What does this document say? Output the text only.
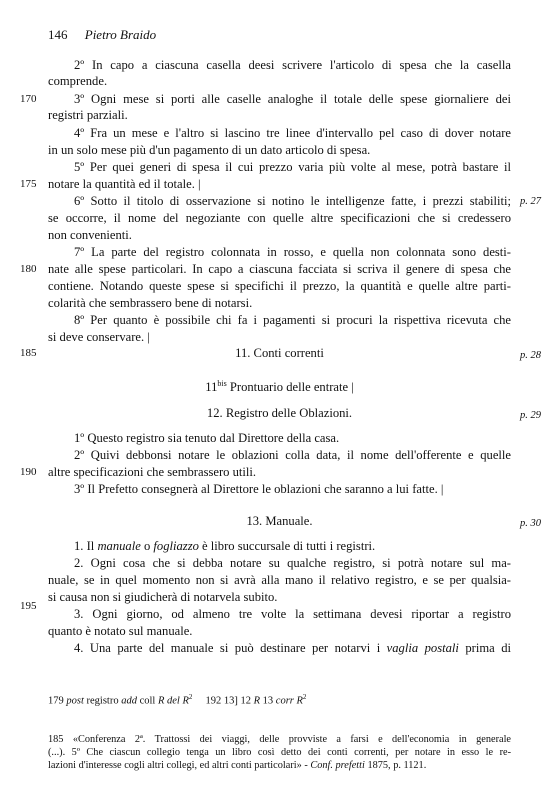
146 Pietro Braido
2º In capo a ciascuna casella deesi scrivere l'articolo di spesa che la casella
comprende.
3º Ogni mese si porti alle caselle analoghe il totale delle spese giornaliere dei
registri parziali.
4º Fra un mese e l'altro si lascino tre linee d'intervallo pel caso di dover notare
in un solo mese più d'un pagamento di un dato articolo di spesa.
5º Per quei generi di spesa il cui prezzo varia più volte al mese, potrà bastare il
notare la quantità ed il totale. |
6º Sotto il titolo di osservazione si notino le intelligenze fatte, i prezzi stabiliti;
se occorre, il nome del negoziante con quelle altre specificazioni che si credessero
non convenienti.
7º La parte del registro colonnata in rosso, e quella non colonnata sono desti-
nate alle spese particolari. In capo a ciascuna facciata si scriva il genere di spesa che
contiene. Notando queste spese si specifichi il prezzo, la quantità e quelle altre parti-
colarità che sembrassero bene di notarsi.
8º Per quanto è possibile chi fa i pagamenti si procuri la rispettiva ricevuta che
si deve conservare. |
170
175
180
185
190
195
p. 27
p. 28
p. 29
p. 30
11. Conti correnti
$11^{bis}$ Prontuario delle entrate |
12. Registro delle Oblazioni.
1º Questo registro sia tenuto dal Direttore della casa.
2º Quivi debbonsi notare le oblazioni colla data, il nome dell'offerente e quelle
altre specificazioni che sembrassero utili.
3º Il Prefetto consegnerà al Direttore le oblazioni che saranno a lui fatte. |
13. Manuale.
1. Il manuale o fogliazzo è libro succursale di tutti i registri.
2. Ogni cosa che si debba notare su qualche registro, si potrà notare sul ma-
nuale, se in quel momento non si avrà alla mano il relativo registro, e se per qualsia-
si causa non si giudicherà di notarvela subito.
3. Ogni giorno, od almeno tre volte la settimana devesi riportar a registro
quanto è notato sul manuale.
4. Una parte del manuale si può destinare per notarvi i vaglia postali prima di
179 post registro add coll R del $R^2$     192 13] 12 R 13 corr $R^2$
185 «Conferenza 2ª. Trattossi dei viaggi, delle provviste a farsi e dell'economia in generale
(...). 5º Che ciascun collegio tenga un libro così detto dei conti correnti, per notare in esso le re-
lazioni d'interesse cogli altri collegi, ed altri conti particolari» - Conf. prefetti 1875, p. 1121.
